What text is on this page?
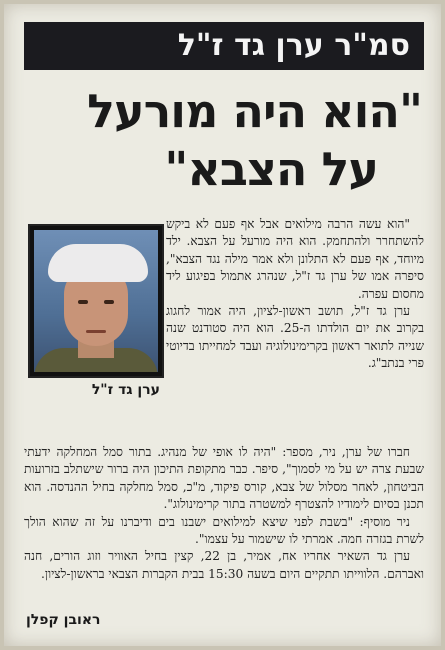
סמ"ר ערן גד ז"ל
"הוא היה מורעל
על הצבא"
ערן גד ז"ל

"הוא עשה הרבה מילואים אבל אף פעם לא ביקש להשתחרר ולהתחמק. הוא היה מורעל על הצבא. ילד מיוחד, אף פעם לא התלונן ולא אמר מילה נגד הצבא", סיפרה אמו של ערן גד ז"ל, שנהרג אתמול בפיגוע ליד מחסום עפרה.

ערן גד ז"ל, תושב ראשון-לציון, היה אמור לחגוג בקרוב את יום הולדתו ה-25. הוא היה סטודנט שנה שנייה לתואר ראשון בקרימינולוגיה ועבד למחייתו בדיוטי פרי בנתב"ג.

חברו של ערן, ניר, מספר: "היה לו אופי של מנהיג. בתור סמל המחלקה ידעתי שבעת צרה יש על מי לסמוך", סיפר. כבר מתקופת התיכון היה ברור שישתלב בזרועות הביטחון, לאחר מסלול של צבא, קורס פיקוד, מ"כ, סמל מחלקה בחיל ההנדסה. הוא תכנן בסיום לימודיו להצטרף למשטרה בתור קרימינולוג".

ניר מוסיף: "בשבת לפני שיצא למילואים ישבנו בים ודיברנו על זה שהוא הולך לשרת בגזרה חמה. אמרתי לו שישמור על עצמו".

ערן גד השאיר אחריו אח, אמיר, בן 22, קצין בחיל האוויר וזוג הורים, חנה ואברהם. הלווייתו תתקיים היום בשעה 15:30 בבית הקברות הצבאי בראשון-לציון.

ראובן קפלן
